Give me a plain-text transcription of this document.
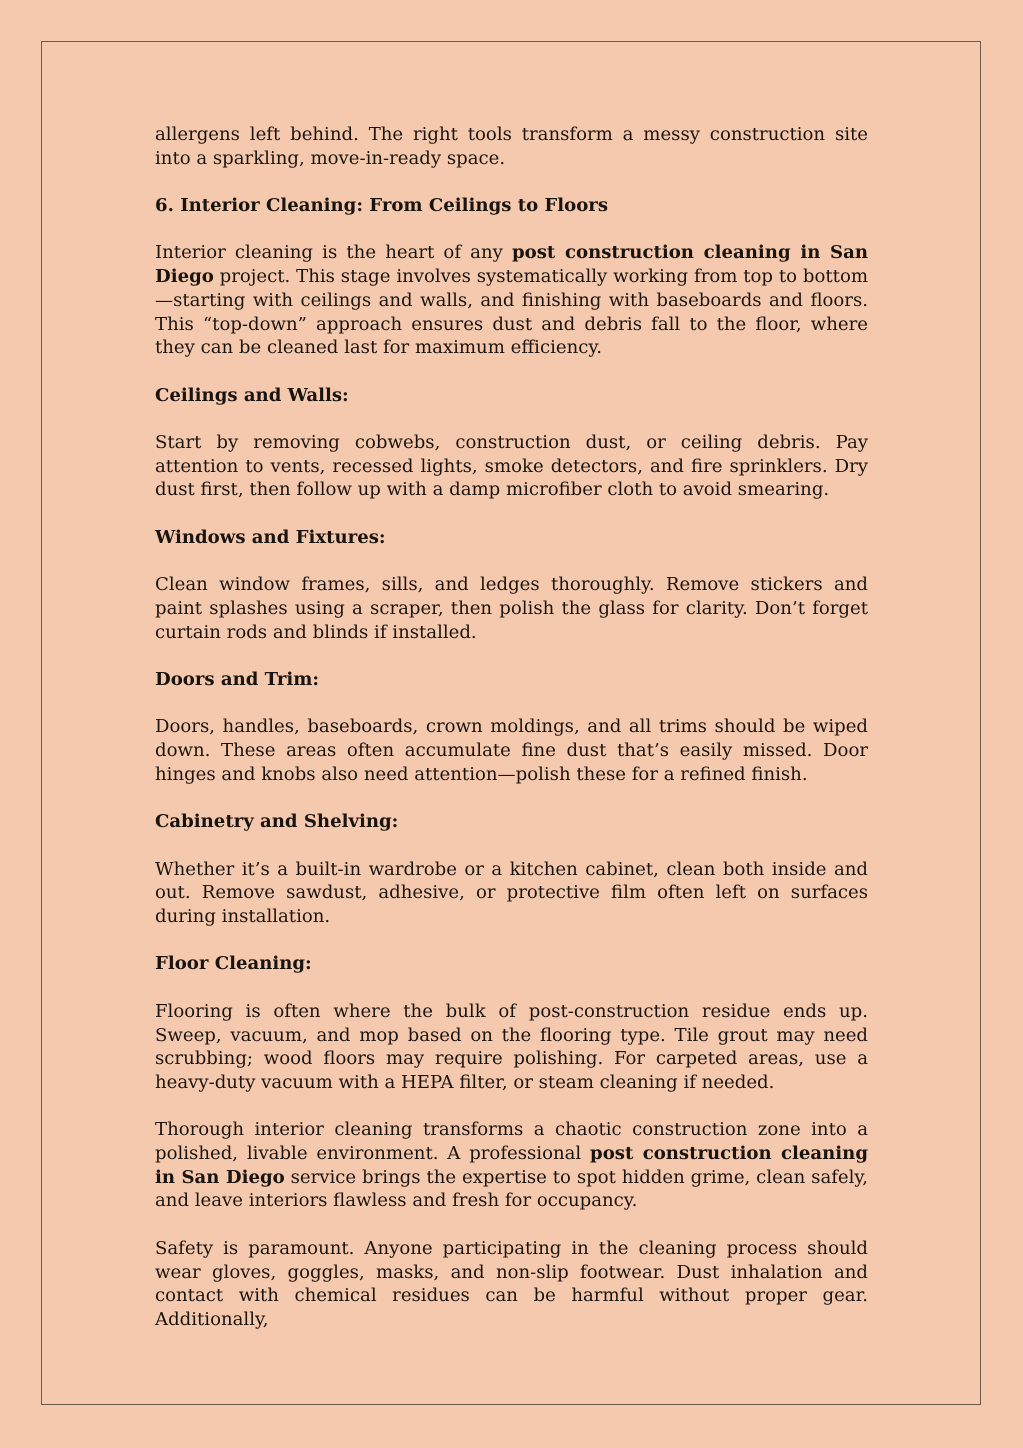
allergens left behind. The right tools transform a messy construction site into a sparkling, move-in-ready space.

6. Interior Cleaning: From Ceilings to Floors

Interior cleaning is the heart of any post construction cleaning in San Diego project. This stage involves systematically working from top to bottom—starting with ceilings and walls, and finishing with baseboards and floors. This “top-down” approach ensures dust and debris fall to the floor, where they can be cleaned last for maximum efficiency.

Ceilings and Walls:

Start by removing cobwebs, construction dust, or ceiling debris. Pay attention to vents, recessed lights, smoke detectors, and fire sprinklers. Dry dust first, then follow up with a damp microfiber cloth to avoid smearing.

Windows and Fixtures:

Clean window frames, sills, and ledges thoroughly. Remove stickers and paint splashes using a scraper, then polish the glass for clarity. Don’t forget curtain rods and blinds if installed.

Doors and Trim:

Doors, handles, baseboards, crown moldings, and all trims should be wiped down. These areas often accumulate fine dust that’s easily missed. Door hinges and knobs also need attention—polish these for a refined finish.

Cabinetry and Shelving:

Whether it’s a built-in wardrobe or a kitchen cabinet, clean both inside and out. Remove sawdust, adhesive, or protective film often left on surfaces during installation.

Floor Cleaning:

Flooring is often where the bulk of post-construction residue ends up. Sweep, vacuum, and mop based on the flooring type. Tile grout may need scrubbing; wood floors may require polishing. For carpeted areas, use a heavy-duty vacuum with a HEPA filter, or steam cleaning if needed.

Thorough interior cleaning transforms a chaotic construction zone into a polished, livable environment. A professional post construction cleaning in San Diego service brings the expertise to spot hidden grime, clean safely, and leave interiors flawless and fresh for occupancy.

Safety is paramount. Anyone participating in the cleaning process should wear gloves, goggles, masks, and non-slip footwear. Dust inhalation and contact with chemical residues can be harmful without proper gear. Additionally,
